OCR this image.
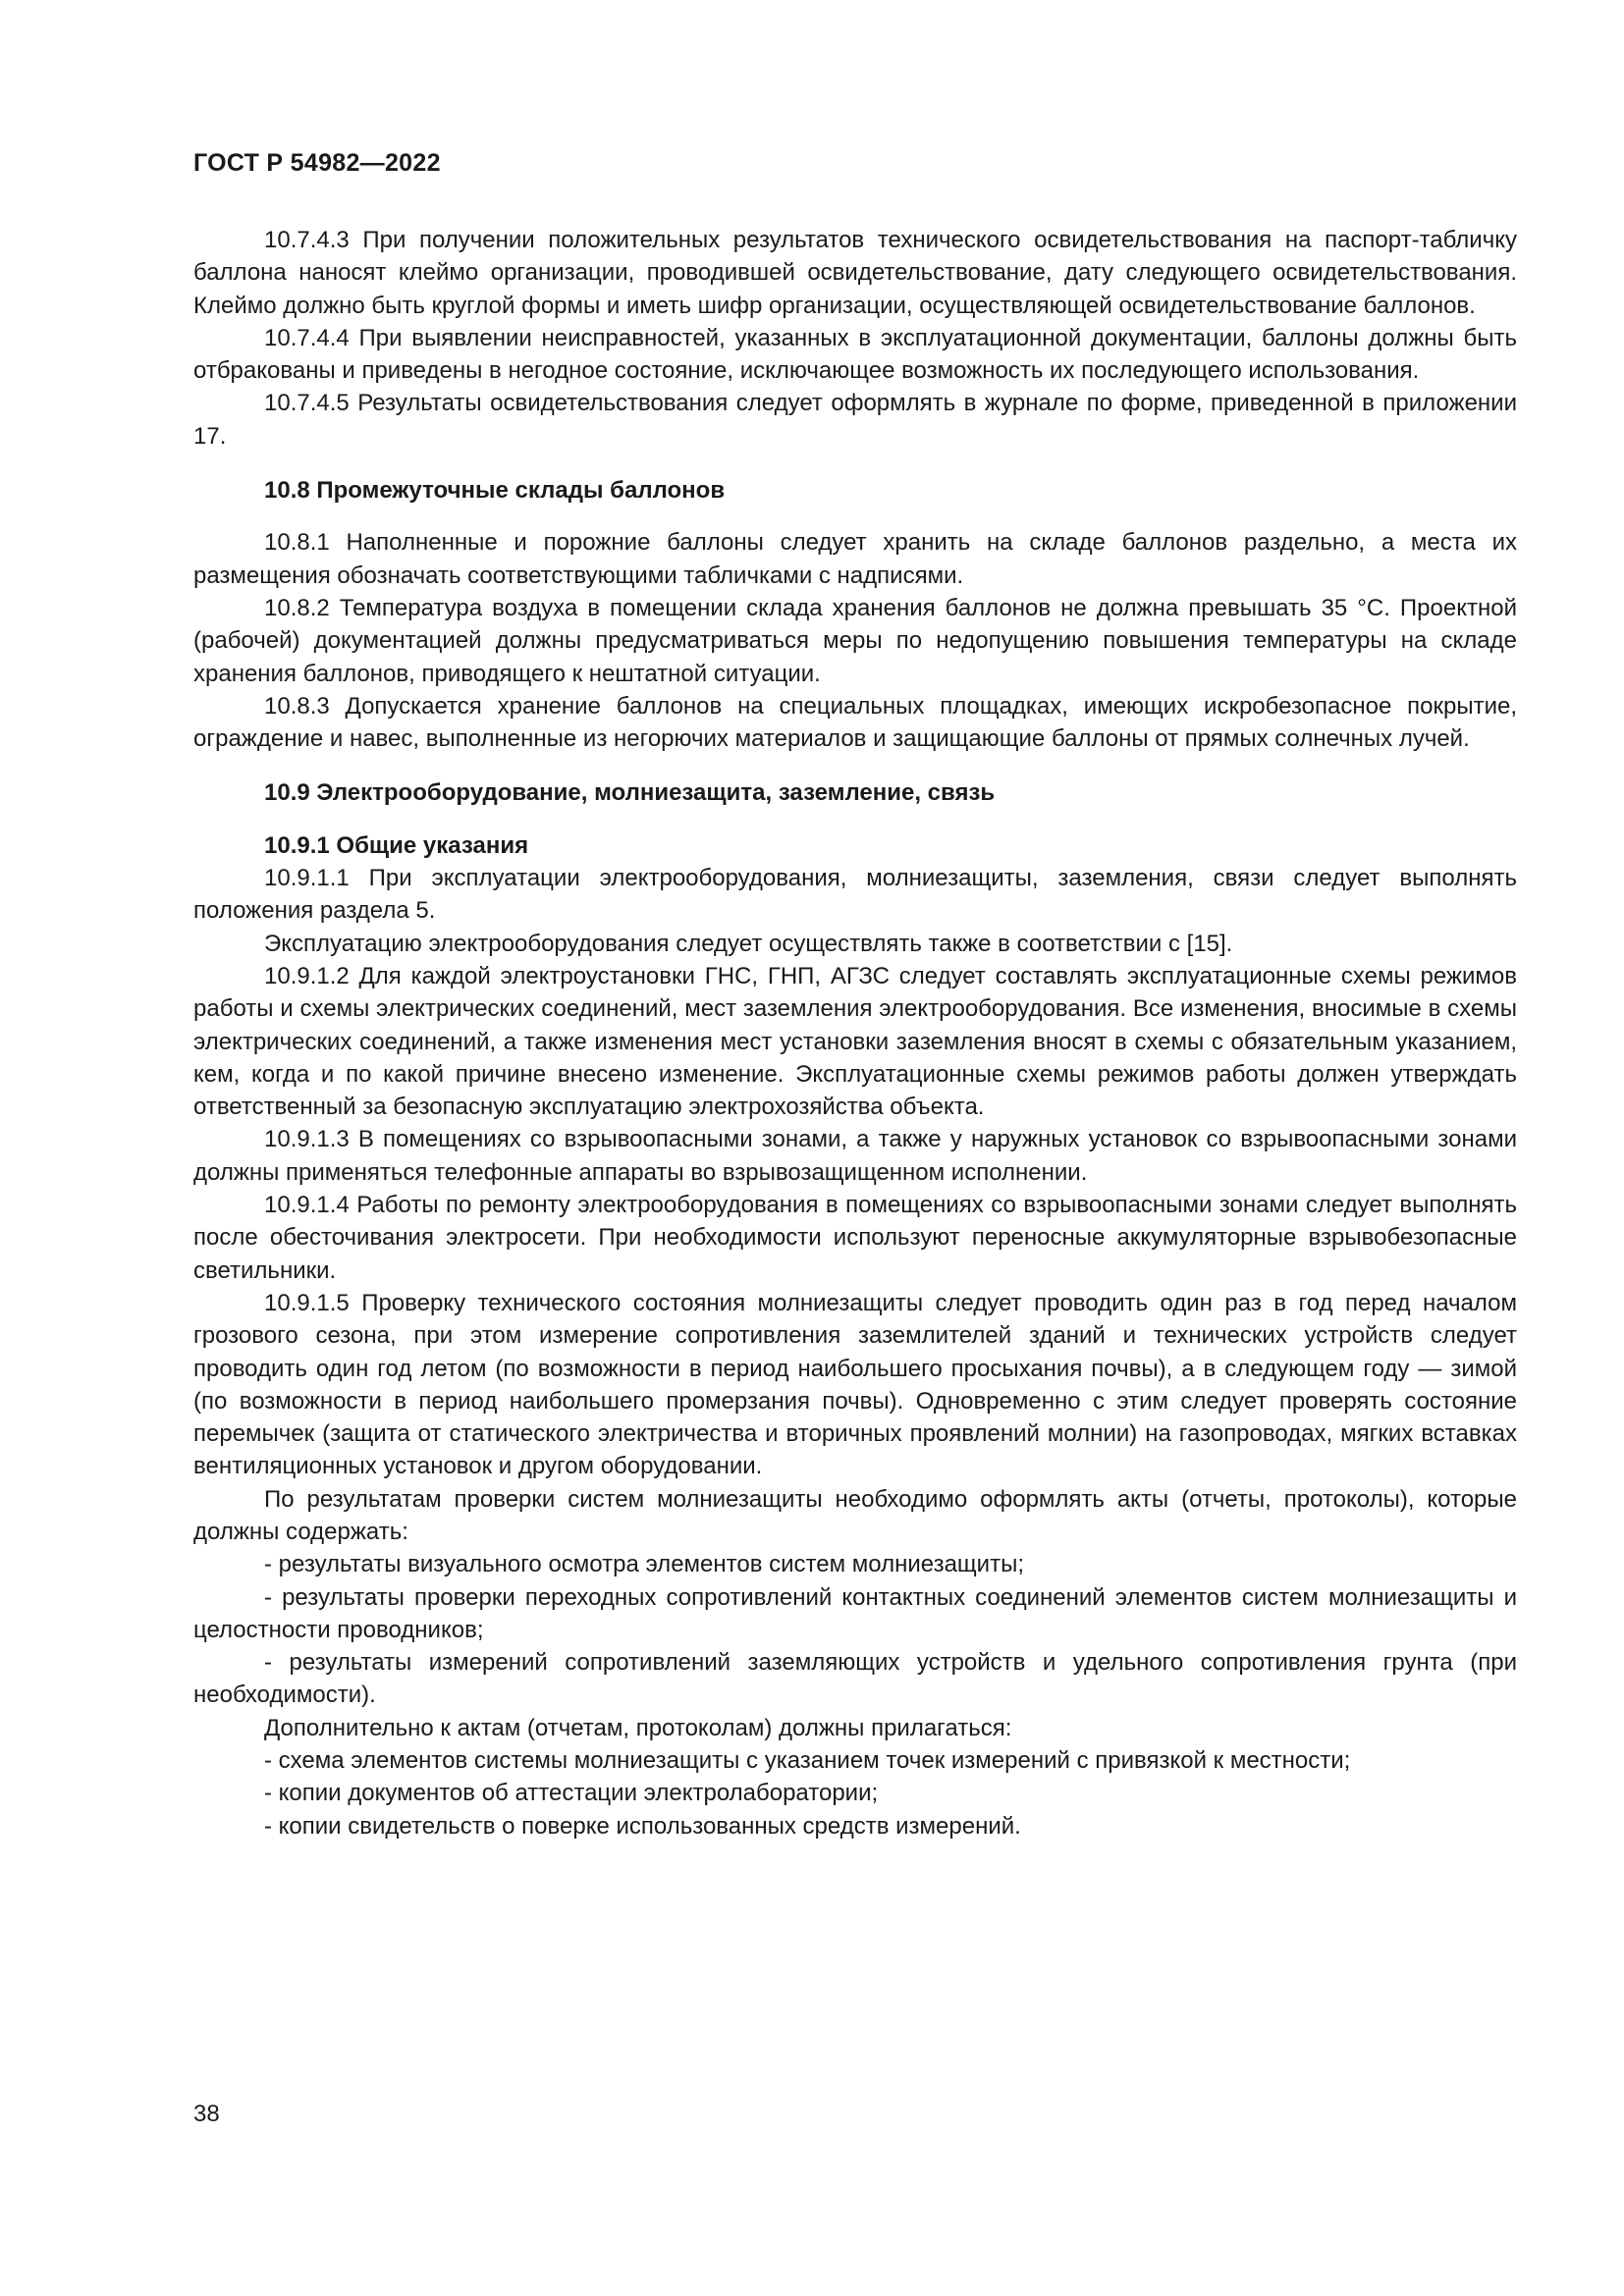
ГОСТ Р 54982—2022

10.7.4.3 При получении положительных результатов технического освидетельствования на паспорт-табличку баллона наносят клеймо организации, проводившей освидетельствование, дату следующего освидетельствования. Клеймо должно быть круглой формы и иметь шифр организации, осуществляющей освидетельствование баллонов.

10.7.4.4 При выявлении неисправностей, указанных в эксплуатационной документации, баллоны должны быть отбракованы и приведены в негодное состояние, исключающее возможность их последующего использования.

10.7.4.5 Результаты освидетельствования следует оформлять в журнале по форме, приведенной в приложении 17.

10.8 Промежуточные склады баллонов

10.8.1 Наполненные и порожние баллоны следует хранить на складе баллонов раздельно, а места их размещения обозначать соответствующими табличками с надписями.

10.8.2 Температура воздуха в помещении склада хранения баллонов не должна превышать 35 °С. Проектной (рабочей) документацией должны предусматриваться меры по недопущению повышения температуры на складе хранения баллонов, приводящего к нештатной ситуации.

10.8.3 Допускается хранение баллонов на специальных площадках, имеющих искробезопасное покрытие, ограждение и навес, выполненные из негорючих материалов и защищающие баллоны от прямых солнечных лучей.

10.9 Электрооборудование, молниезащита, заземление, связь

10.9.1 Общие указания

10.9.1.1 При эксплуатации электрооборудования, молниезащиты, заземления, связи следует выполнять положения раздела 5.

Эксплуатацию электрооборудования следует осуществлять также в соответствии с [15].

10.9.1.2 Для каждой электроустановки ГНС, ГНП, АГЗС следует составлять эксплуатационные схемы режимов работы и схемы электрических соединений, мест заземления электрооборудования. Все изменения, вносимые в схемы электрических соединений, а также изменения мест установки заземления вносят в схемы с обязательным указанием, кем, когда и по какой причине внесено изменение. Эксплуатационные схемы режимов работы должен утверждать ответственный за безопасную эксплуатацию электрохозяйства объекта.

10.9.1.3 В помещениях со взрывоопасными зонами, а также у наружных установок со взрывоопасными зонами должны применяться телефонные аппараты во взрывозащищенном исполнении.

10.9.1.4 Работы по ремонту электрооборудования в помещениях со взрывоопасными зонами следует выполнять после обесточивания электросети. При необходимости используют переносные аккумуляторные взрывобезопасные светильники.

10.9.1.5 Проверку технического состояния молниезащиты следует проводить один раз в год перед началом грозового сезона, при этом измерение сопротивления заземлителей зданий и технических устройств следует проводить один год летом (по возможности в период наибольшего просыхания почвы), а в следующем году — зимой (по возможности в период наибольшего промерзания почвы). Одновременно с этим следует проверять состояние перемычек (защита от статического электричества и вторичных проявлений молнии) на газопроводах, мягких вставках вентиляционных установок и другом оборудовании.

По результатам проверки систем молниезащиты необходимо оформлять акты (отчеты, протоколы), которые должны содержать:

- результаты визуального осмотра элементов систем молниезащиты;

- результаты проверки переходных сопротивлений контактных соединений элементов систем молниезащиты и целостности проводников;

- результаты измерений сопротивлений заземляющих устройств и удельного сопротивления грунта (при необходимости).

Дополнительно к актам (отчетам, протоколам) должны прилагаться:

- схема элементов системы молниезащиты с указанием точек измерений с привязкой к местности;

- копии документов об аттестации электролаборатории;

- копии свидетельств о поверке использованных средств измерений.

38
